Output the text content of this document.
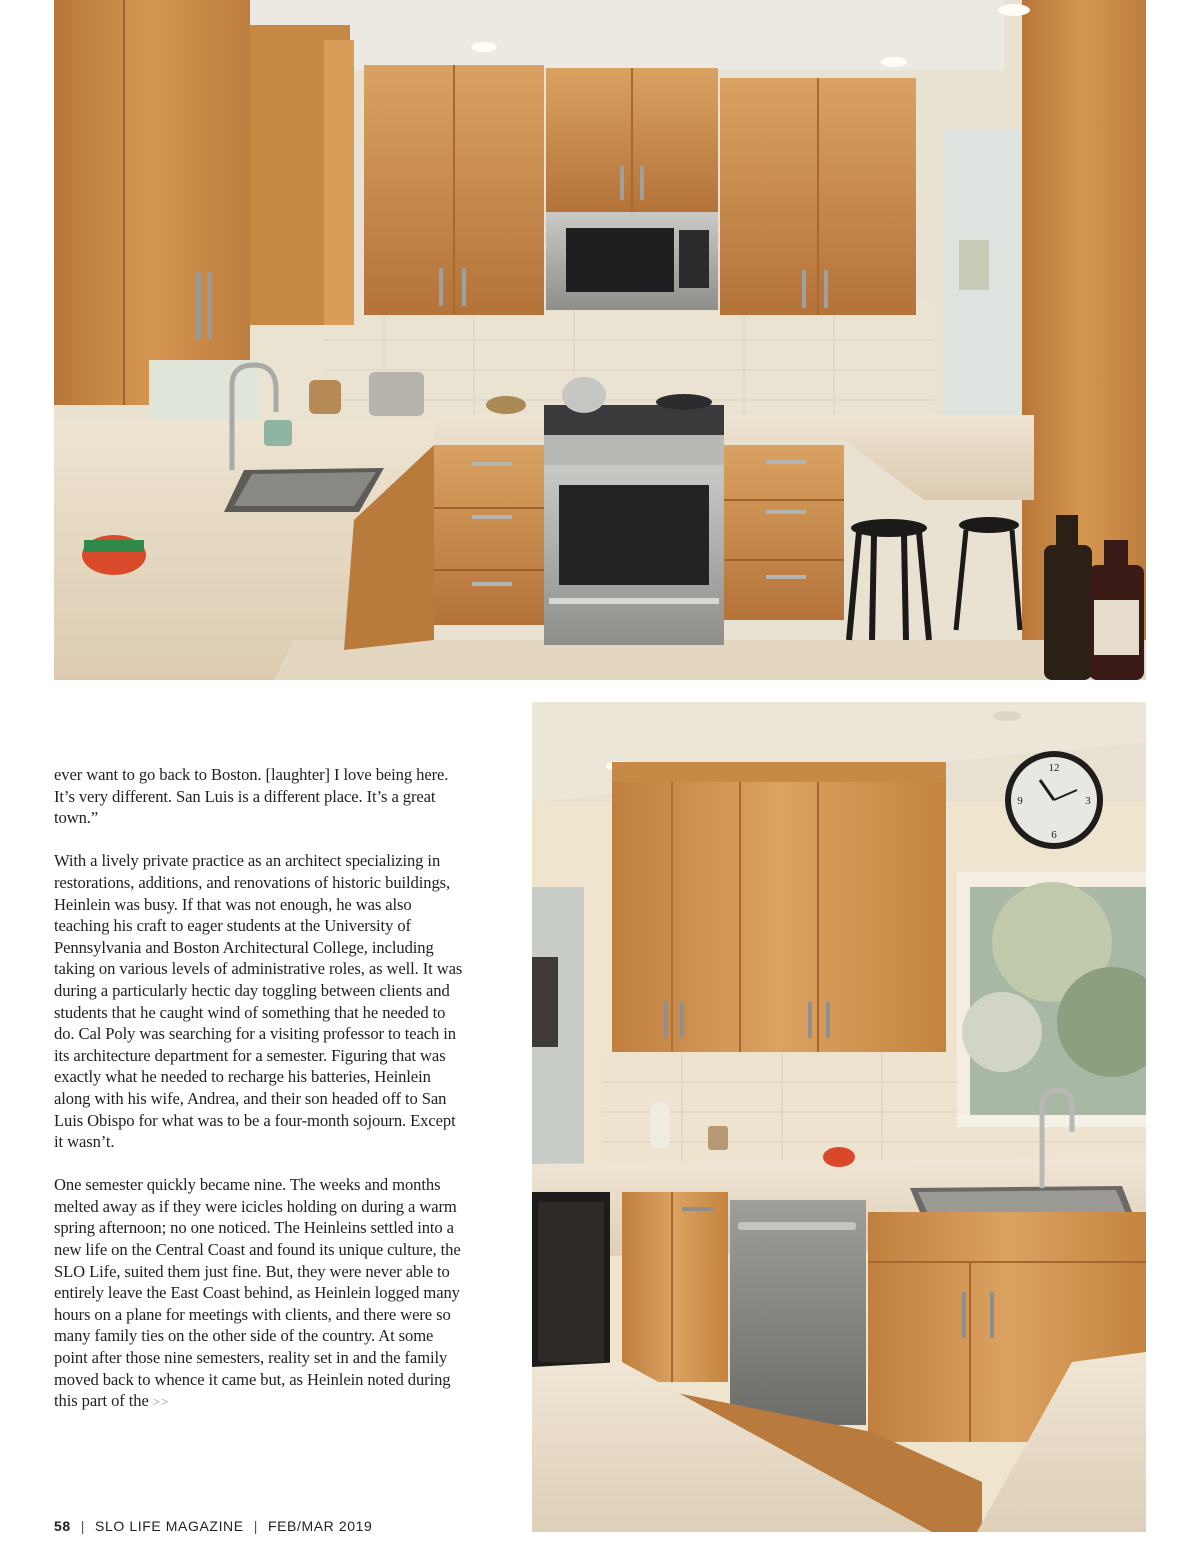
12
3
6
9

ever want to go back to Boston. [laughter] I love being here. It’s very different. San Luis is a different place. It’s a great town.”

With a lively private practice as an architect specializing in restorations, additions, and renovations of historic buildings, Heinlein was busy. If that was not enough, he was also teaching his craft to eager students at the University of Pennsylvania and Boston Architectural College, including taking on various levels of administrative roles, as well. It was during a particularly hectic day toggling between clients and students that he caught wind of something that he needed to do. Cal Poly was searching for a visiting professor to teach in its architecture department for a semester. Figuring that was exactly what he needed to recharge his batteries, Heinlein along with his wife, Andrea, and their son headed off to San Luis Obispo for what was to be a four-month sojourn. Except it wasn’t.

One semester quickly became nine. The weeks and months melted away as if they were icicles holding on during a warm spring afternoon; no one noticed. The Heinleins settled into a new life on the Central Coast and found its unique culture, the SLO Life, suited them just fine. But, they were never able to entirely leave the East Coast behind, as Heinlein logged many hours on a plane for meetings with clients, and there were so many family ties on the other side of the country. At some point after those nine semesters, reality set in and the family moved back to whence it came but, as Heinlein noted during this part of the >>

58 | SLO LIFE MAGAZINE | FEB/MAR 2019
